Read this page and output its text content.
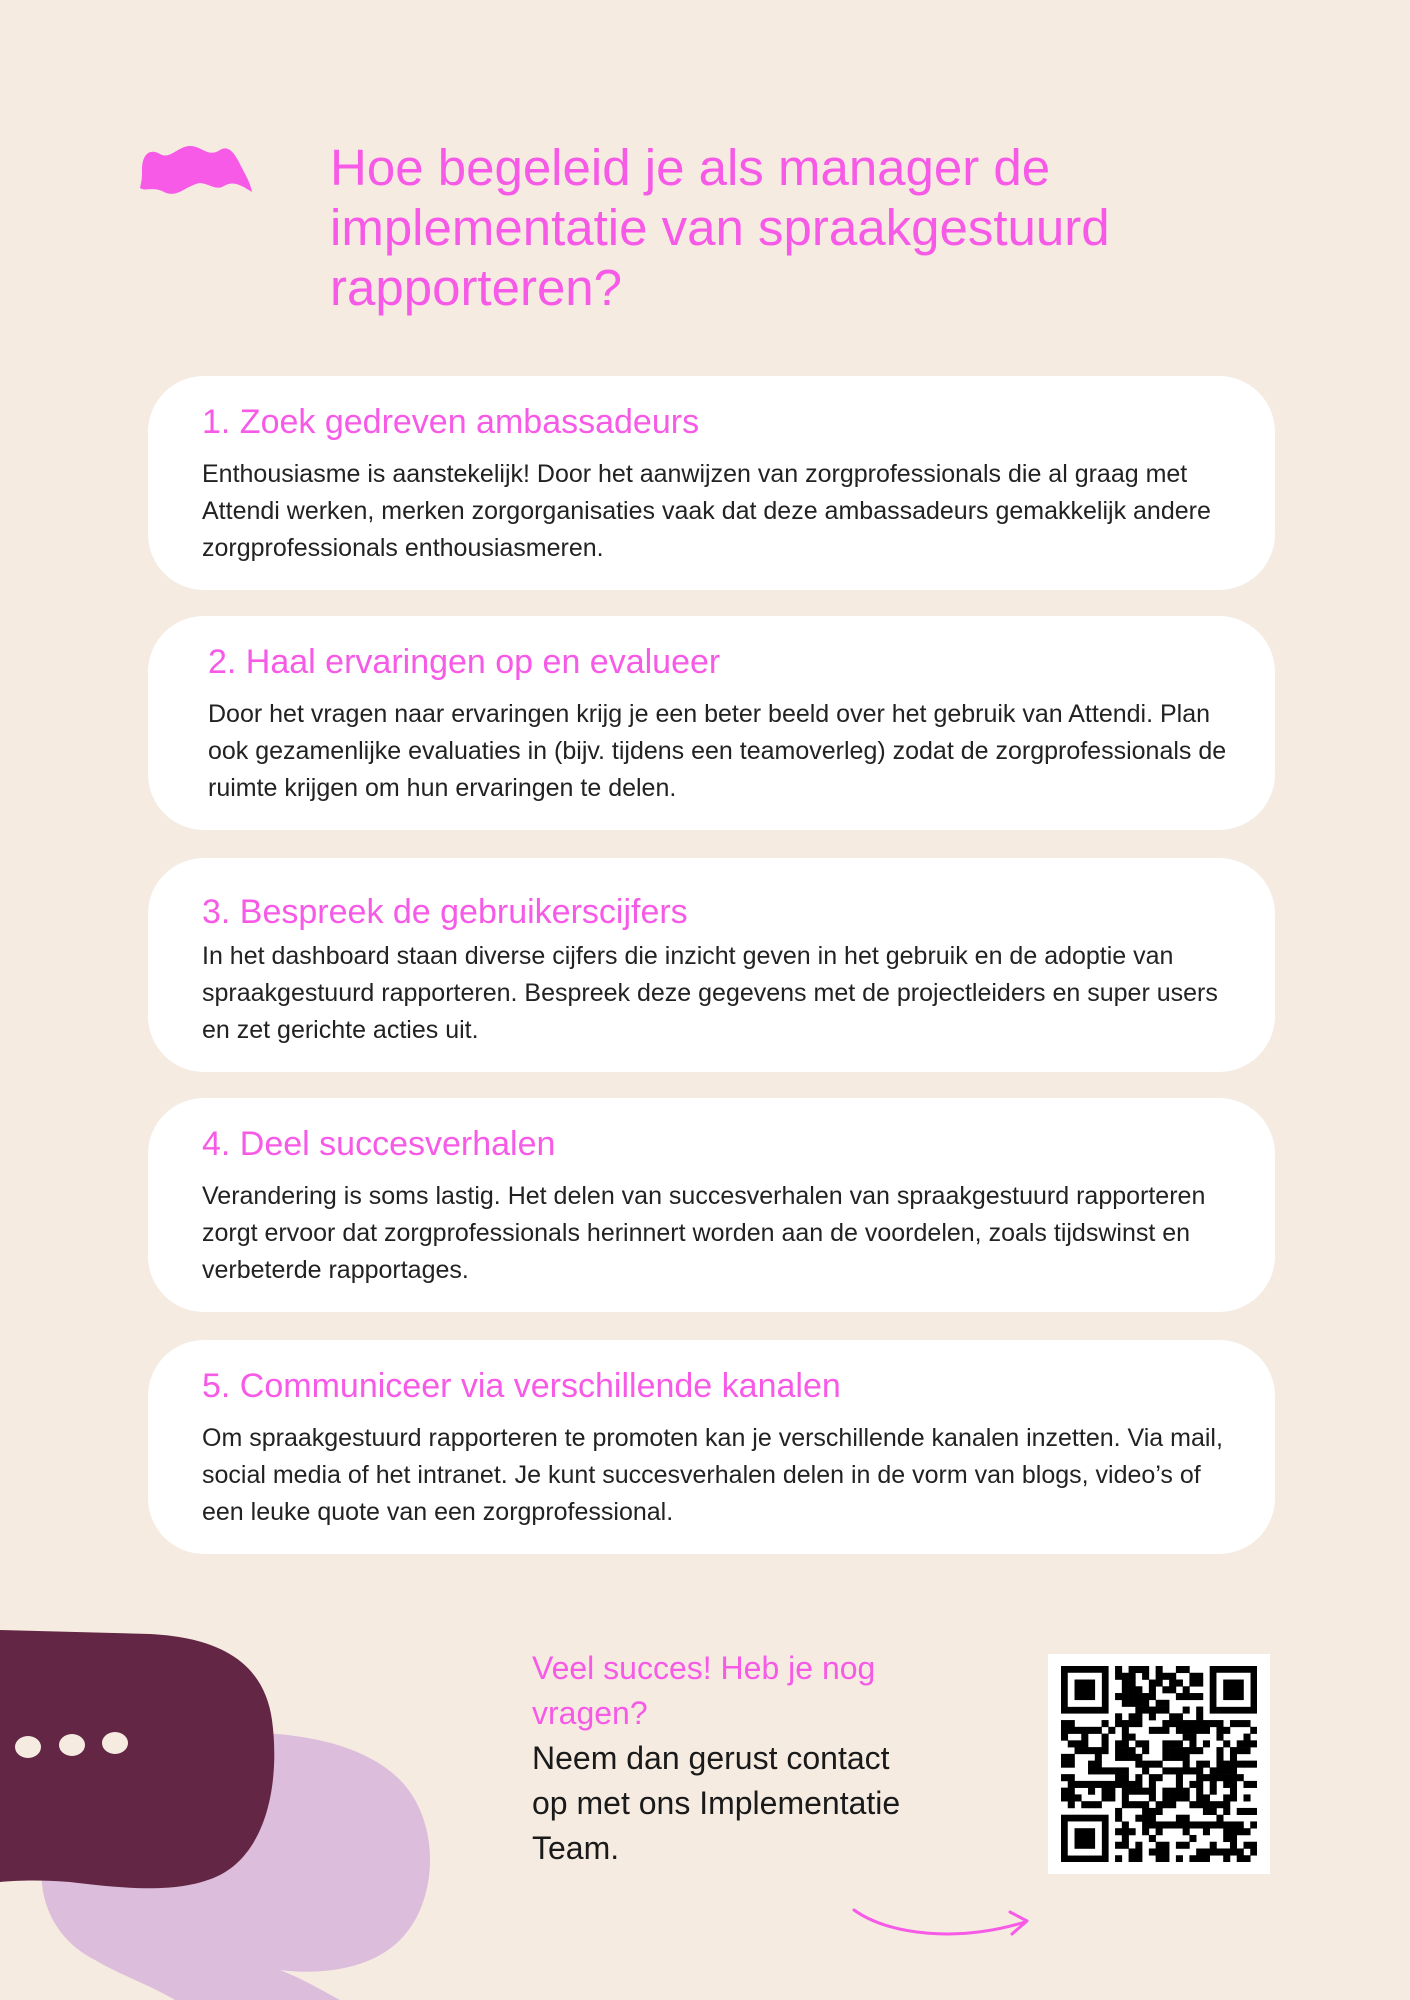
Hoe begeleid je als manager de implementatie van spraakgestuurd rapporteren?
1. Zoek gedreven ambassadeurs

Enthousiasme is aanstekelijk! Door het aanwijzen van zorgprofessionals die al graag met Attendi werken, merken zorgorganisaties vaak dat deze ambassadeurs gemakkelijk andere zorgprofessionals enthousiasmeren.

2. Haal ervaringen op en evalueer

Door het vragen naar ervaringen krijg je een beter beeld over het gebruik van Attendi. Plan ook gezamenlijke evaluaties in (bijv. tijdens een teamoverleg) zodat de zorgprofessionals de ruimte krijgen om hun ervaringen te delen.

3. Bespreek de gebruikerscijfers

In het dashboard staan diverse cijfers die inzicht geven in het gebruik en de adoptie van spraakgestuurd rapporteren. Bespreek deze gegevens met de projectleiders en super users en zet gerichte acties uit.

4. Deel succesverhalen

Verandering is soms lastig. Het delen van succesverhalen van spraakgestuurd rapporteren zorgt ervoor dat zorgprofessionals herinnert worden aan de voordelen, zoals tijdswinst en verbeterde rapportages.

5. Communiceer via verschillende kanalen

Om spraakgestuurd rapporteren te promoten kan je verschillende kanalen inzetten. Via mail, social media of het intranet. Je kunt succesverhalen delen in de vorm van blogs, video’s of een leuke quote van een zorgprofessional.

Veel succes! Heb je nog vragen?
Neem dan gerust contact op met ons Implementatie Team.
